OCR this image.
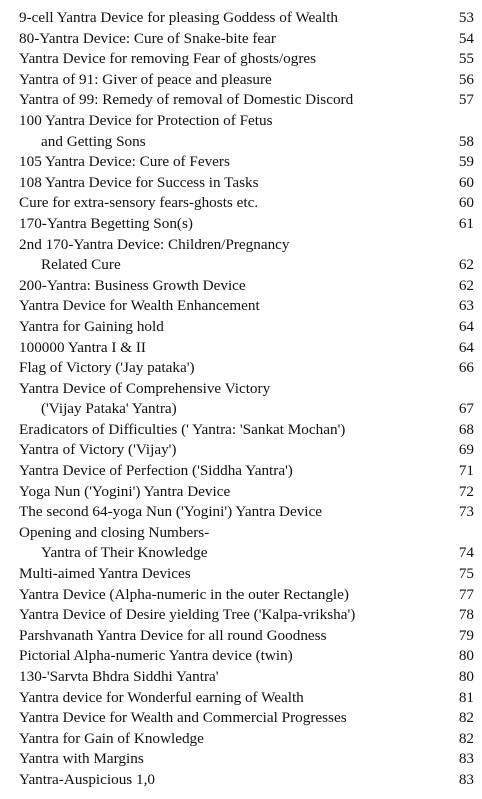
9-cell Yantra Device for pleasing Goddess of Wealth	53
80-Yantra Device: Cure of Snake-bite fear	54
Yantra Device for removing Fear of ghosts/ogres	55
Yantra of 91: Giver of peace and pleasure	56
Yantra of 99: Remedy of removal of Domestic Discord	57
100 Yantra Device for Protection of Fetus
and Getting Sons	58
105 Yantra Device: Cure of Fevers	59
108 Yantra Device for Success in Tasks	60
Cure for extra-sensory fears-ghosts etc.	60
170-Yantra Begetting Son(s)	61
2nd 170-Yantra Device: Children/Pregnancy
Related Cure	62
200-Yantra: Business Growth Device	62
Yantra Device for Wealth Enhancement	63
Yantra for Gaining hold	64
100000 Yantra I & II	64
Flag of Victory ('Jay pataka')	66
Yantra Device of Comprehensive Victory
('Vijay Pataka' Yantra)	67
Eradicators of Difficulties (' Yantra: 'Sankat Mochan')	68
Yantra of Victory ('Vijay')	69
Yantra Device of Perfection ('Siddha Yantra')	71
Yoga Nun ('Yogini') Yantra Device	72
The second 64-yoga Nun ('Yogini') Yantra Device	73
Opening and closing Numbers-
Yantra of Their Knowledge	74
Multi-aimed Yantra Devices	75
Yantra Device (Alpha-numeric in the outer Rectangle)	77
Yantra Device of Desire yielding Tree ('Kalpa-vriksha')	78
Parshvanath Yantra Device for all round Goodness	79
Pictorial Alpha-numeric Yantra device (twin)	80
130-'Sarvta Bhdra Siddhi Yantra'	80
Yantra device for Wonderful earning of Wealth	81
Yantra Device for Wealth and Commercial Progresses	82
Yantra for Gain of Knowledge	82
Yantra with Margins	83
Yantra-Auspicious 1,0	83
